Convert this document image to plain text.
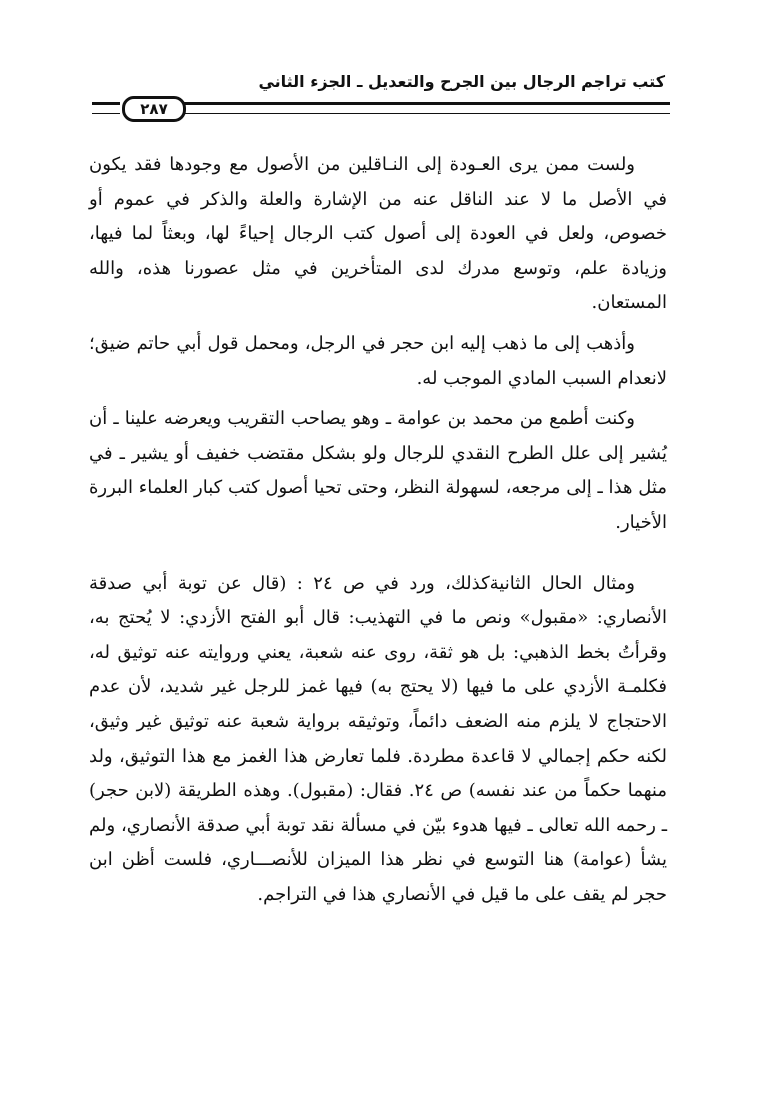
كتب تراجم الرجال بين الجرح والتعديل ـ الجزء الثاني
٢٨٧

ولست ممن يرى العـودة إلى النـاقلين من الأصول مع وجودها فقد يكون في الأصل ما لا عند الناقل عنه من الإشارة والعلة والذكر في عموم أو خصوص، ولعل في العودة إلى أصول كتب الرجال إحياءً لها، وبعثاً لما فيها، وزيادة علم، وتوسع مدرك لدى المتأخرين في مثل عصورنا هذه، والله المستعان.

وأذهب إلى ما ذهب إليه ابن حجر في الرجل، ومحمل قول أبي حاتم ضيق؛ لانعدام السبب المادي الموجب له.

وكنت أطمع من محمد بن عوامة ـ وهو يصاحب التقريب ويعرضه علينا ـ أن يُشير إلى علل الطرح النقدي للرجال ولو بشكل مقتضب خفيف أو يشير ـ في مثل هذا ـ إلى مرجعه، لسهولة النظر، وحتى تحيا أصول كتب كبار العلماء البررة الأخيار.

ومثال الحال الثانيةكذلك، ورد في ص ٢٤ : (قال عن توبة أبي صدقة الأنصاري: «مقبول» ونص ما في التهذيب: قال أبو الفتح الأزدي: لا يُحتج به، وقرأتُ بخط الذهبي: بل هو ثقة، روى عنه شعبة، يعني وروايته عنه توثيق له، فكلمـة الأزدي على ما فيها (لا يحتج به) فيها غمز للرجل غير شديد، لأن عدم الاحتجاج لا يلزم منه الضعف دائماً، وتوثيقه برواية شعبة عنه توثيق غير وثيق، لكنه حكم إجمالي لا قاعدة مطردة. فلما تعارض هذا الغمز مع هذا التوثيق، ولد منهما حكماً من عند نفسه) ص ٢٤. فقال: (مقبول). وهذه الطريقة (لابن حجر) ـ رحمه الله تعالى ـ فيها هدوء بيّن في مسألة نقد توبة أبي صدقة الأنصاري، ولم يشأ (عوامة) هنا التوسع في نظر هذا الميزان للأنصـــاري، فلست أظن ابن حجر لم يقف على ما قيل في الأنصاري هذا في التراجم.
